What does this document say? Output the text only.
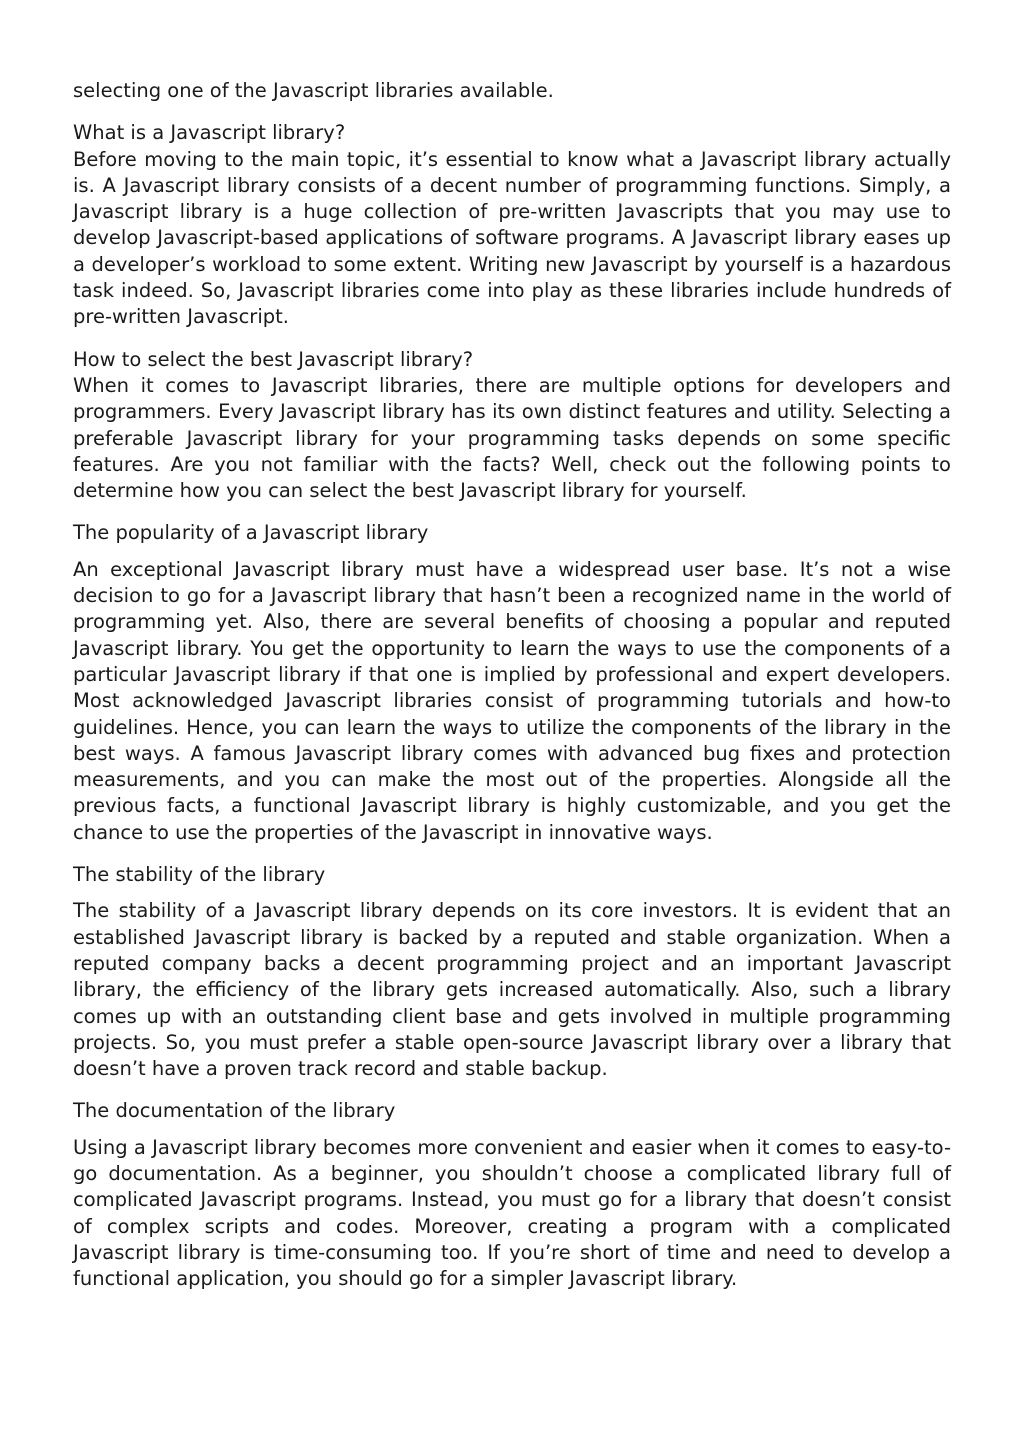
selecting one of the Javascript libraries available.

What is a Javascript library?

Before moving to the main topic, it’s essential to know what a Javascript library actually is. A Javascript library consists of a decent number of programming functions. Simply, a Javascript library is a huge collection of pre-written Javascripts that you may use to develop Javascript-based applications of software programs. A Javascript library eases up a developer’s workload to some extent. Writing new Javascript by yourself is a hazardous task indeed. So, Javascript libraries come into play as these libraries include hundreds of pre-written Javascript.

How to select the best Javascript library?

When it comes to Javascript libraries, there are multiple options for developers and programmers. Every Javascript library has its own distinct features and utility. Selecting a preferable Javascript library for your programming tasks depends on some specific features. Are you not familiar with the facts? Well, check out the following points to determine how you can select the best Javascript library for yourself.

The popularity of a Javascript library

An exceptional Javascript library must have a widespread user base. It’s not a wise decision to go for a Javascript library that hasn’t been a recognized name in the world of programming yet. Also, there are several benefits of choosing a popular and reputed Javascript library. You get the opportunity to learn the ways to use the components of a particular Javascript library if that one is implied by professional and expert developers. Most acknowledged Javascript libraries consist of programming tutorials and how-to guidelines. Hence, you can learn the ways to utilize the components of the library in the best ways. A famous Javascript library comes with advanced bug fixes and protection measurements, and you can make the most out of the properties. Alongside all the previous facts, a functional Javascript library is highly customizable, and you get the chance to use the properties of the Javascript in innovative ways.

The stability of the library

The stability of a Javascript library depends on its core investors. It is evident that an established Javascript library is backed by a reputed and stable organization. When a reputed company backs a decent programming project and an important Javascript library, the efficiency of the library gets increased automatically. Also, such a library comes up with an outstanding client base and gets involved in multiple programming projects. So, you must prefer a stable open-source Javascript library over a library that doesn’t have a proven track record and stable backup.

The documentation of the library

Using a Javascript library becomes more convenient and easier when it comes to easy-to-go documentation. As a beginner, you shouldn’t choose a complicated library full of complicated Javascript programs. Instead, you must go for a library that doesn’t consist of complex scripts and codes. Moreover, creating a program with a complicated Javascript library is time-consuming too. If you’re short of time and need to develop a functional application, you should go for a simpler Javascript library.
